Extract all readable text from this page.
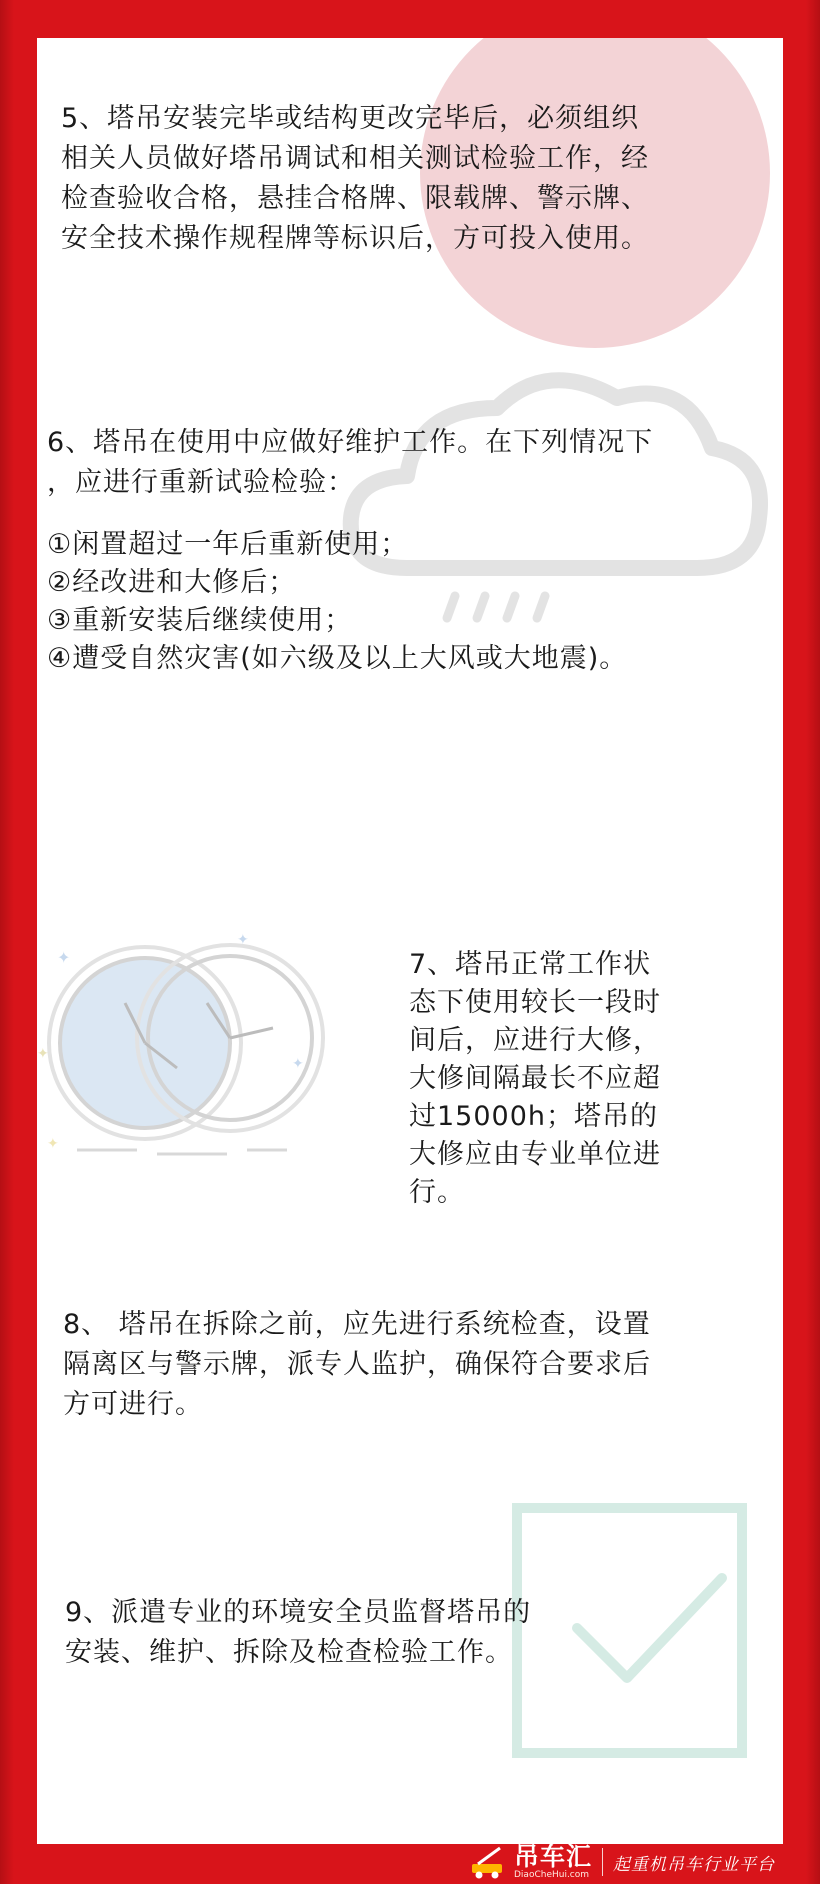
✦
✦
✦
✦
✦
5、塔吊安装完毕或结构更改完毕后，必须组织
相关人员做好塔吊调试和相关测试检验工作，经
检查验收合格，悬挂合格牌、限载牌、警示牌、
安全技术操作规程牌等标识后，方可投入使用。
6、塔吊在使用中应做好维护工作。在下列情况下
，应进行重新试验检验：
①闲置超过一年后重新使用；
②经改进和大修后；
③重新安装后继续使用；
④遭受自然灾害(如六级及以上大风或大地震)。
7、塔吊正常工作状
态下使用较长一段时
间后，应进行大修，
大修间隔最长不应超
过15000h；塔吊的
大修应由专业单位进
行。
8、 塔吊在拆除之前，应先进行系统检查，设置
隔离区与警示牌，派专人监护，确保符合要求后
方可进行。
9、派遣专业的环境安全员监督塔吊的
安装、维护、拆除及检查检验工作。
吊车汇
DiaoCheHui.com
起重机吊车行业平台
